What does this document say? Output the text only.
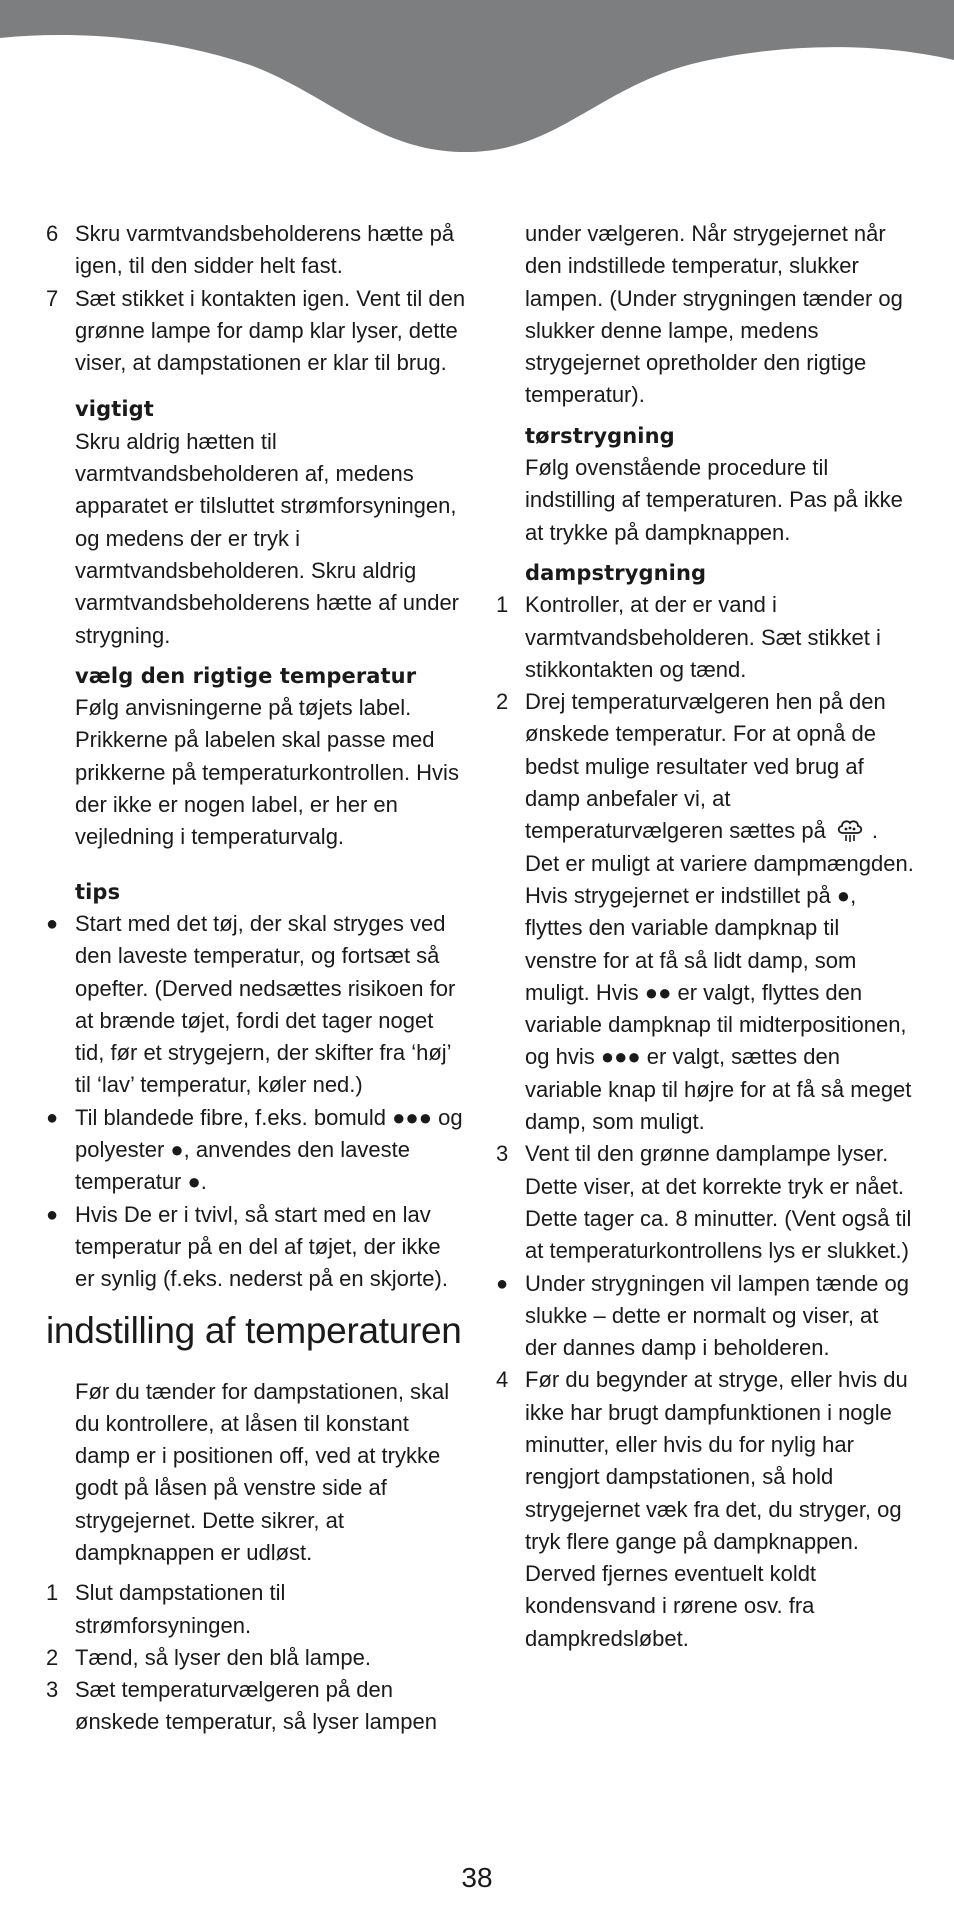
6 Skru varmtvandsbeholderens hætte på igen, til den sidder helt fast.

7 Sæt stikket i kontakten igen. Vent til den grønne lampe for damp klar lyser, dette viser, at dampstationen er klar til brug.

vigtigt

Skru aldrig hætten til varmtvandsbeholderen af, medens apparatet er tilsluttet strømforsyningen, og medens der er tryk i varmtvandsbeholderen. Skru aldrig varmtvandsbeholderens hætte af under strygning.

vælg den rigtige temperatur

Følg anvisningerne på tøjets label. Prikkerne på labelen skal passe med prikkerne på temperaturkontrollen. Hvis der ikke er nogen label, er her en vejledning i temperaturvalg.

tips

● Start med det tøj, der skal stryges ved den laveste temperatur, og fortsæt så opefter. (Derved nedsættes risikoen for at brænde tøjet, fordi det tager noget tid, før et strygejern, der skifter fra ‘høj’ til ‘lav’ temperatur, køler ned.)

● Til blandede fibre, f.eks. bomuld ●●● og polyester ●, anvendes den laveste temperatur ●.

● Hvis De er i tvivl, så start med en lav temperatur på en del af tøjet, der ikke er synlig (f.eks. nederst på en skjorte).

indstilling af temperaturen

Før du tænder for dampstationen, skal du kontrollere, at låsen til konstant damp er i positionen off, ved at trykke godt på låsen på venstre side af strygejernet. Dette sikrer, at dampknappen er udløst.

1 Slut dampstationen til strømforsyningen.

2 Tænd, så lyser den blå lampe.

3 Sæt temperaturvælgeren på den ønskede temperatur, så lyser lampen

under vælgeren. Når strygejernet når den indstillede temperatur, slukker lampen. (Under strygningen tænder og slukker denne lampe, medens strygejernet opretholder den rigtige temperatur).

tørstrygning

Følg ovenstående procedure til indstilling af temperaturen. Pas på ikke at trykke på dampknappen.

dampstrygning

1 Kontroller, at der er vand i varmtvandsbeholderen. Sæt stikket i stikkontakten og tænd.

2 Drej temperaturvælgeren hen på den ønskede temperatur. For at opnå de bedst mulige resultater ved brug af damp anbefaler vi, at temperaturvælgeren sættes på . Det er muligt at variere dampmængden. Hvis strygejernet er indstillet på ●, flyttes den variable dampknap til venstre for at få så lidt damp, som muligt. Hvis ●● er valgt, flyttes den variable dampknap til midterpositionen, og hvis ●●● er valgt, sættes den variable knap til højre for at få så meget damp, som muligt.

3 Vent til den grønne damplampe lyser. Dette viser, at det korrekte tryk er nået. Dette tager ca. 8 minutter. (Vent også til at temperaturkontrollens lys er slukket.)

● Under strygningen vil lampen tænde og slukke – dette er normalt og viser, at der dannes damp i beholderen.

4 Før du begynder at stryge, eller hvis du ikke har brugt dampfunktionen i nogle minutter, eller hvis du for nylig har rengjort dampstationen, så hold strygejernet væk fra det, du stryger, og tryk flere gange på dampknappen. Derved fjernes eventuelt koldt kondensvand i rørene osv. fra dampkredsløbet.

38
